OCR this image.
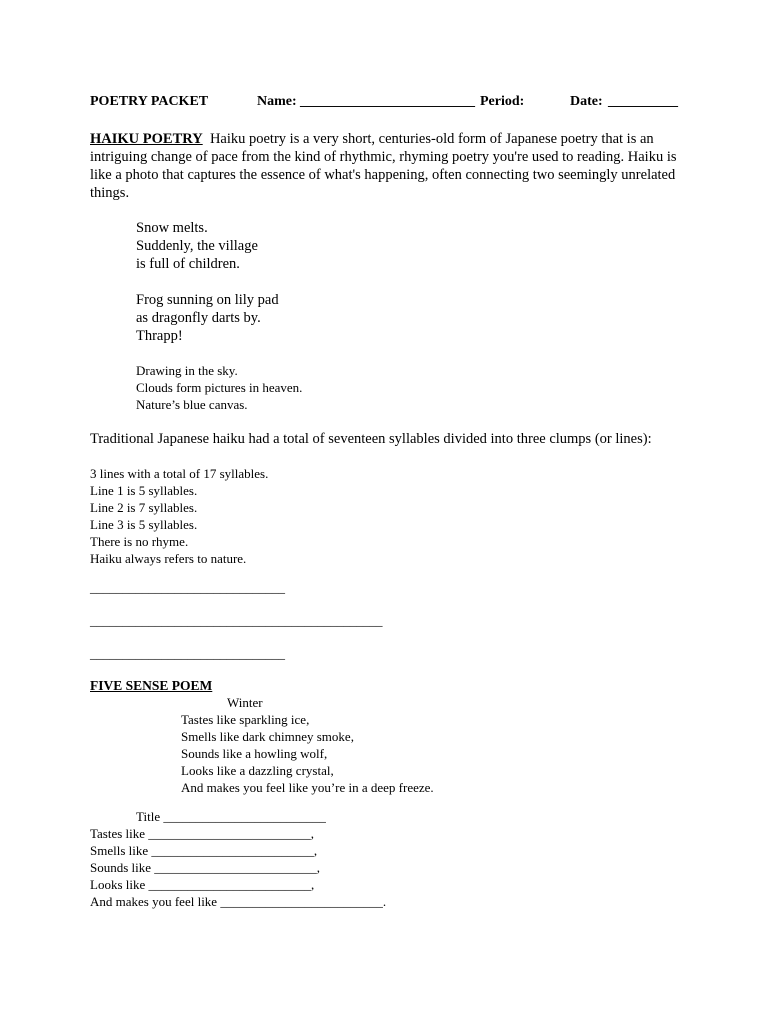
POETRY PACKET	Name: _________________________ Period:	Date: __________
HAIKU POETRY Haiku poetry is a very short, centuries-old form of Japanese poetry that is an intriguing change of pace from the kind of rhythmic, rhyming poetry you're used to reading. Haiku is like a photo that captures the essence of what's happening, often connecting two seemingly unrelated things.
Snow melts.
Suddenly, the village
is full of children.
Frog sunning on lily pad
as dragonfly darts by.
Thrapp!
Drawing in the sky.
Clouds form pictures in heaven.
Nature’s blue canvas.
Traditional Japanese haiku had a total of seventeen syllables divided into three clumps (or lines):
3 lines with a total of 17 syllables.
Line 1 is 5 syllables.
Line 2 is 7 syllables.
Line 3 is 5 syllables.
There is no rhyme.
Haiku always refers to nature.
______________________________
_____________________________________________
______________________________
FIVE SENSE POEM
Winter
Tastes like sparkling ice,
Smells like dark chimney smoke,
Sounds like a howling wolf,
Looks like a dazzling crystal,
And makes you feel like you’re in a deep freeze.
Title _________________________
Tastes like _________________________,
Smells like _________________________,
Sounds like _________________________,
Looks like _________________________,
And makes you feel like _________________________.
